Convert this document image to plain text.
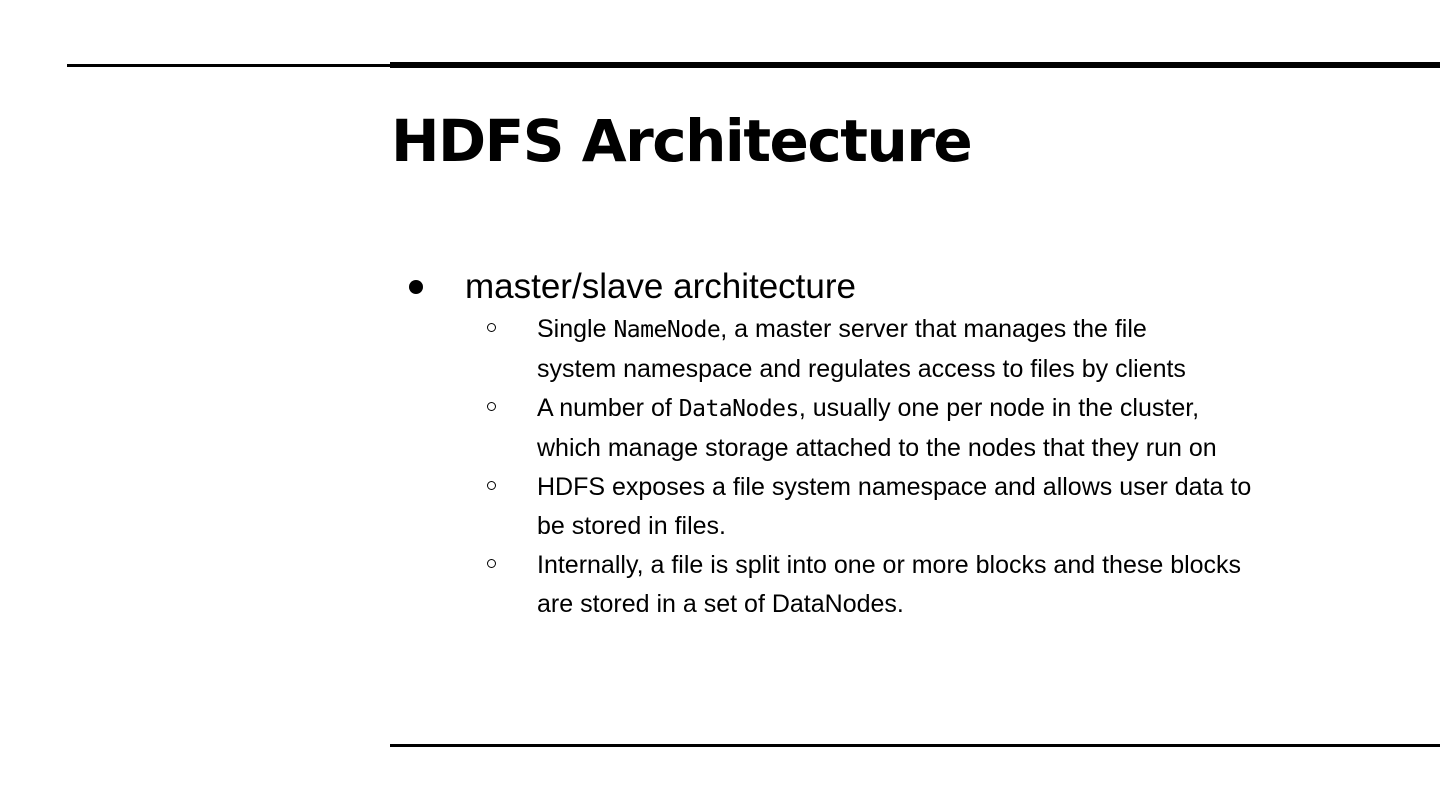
HDFS Architecture
master/slave architecture
Single NameNode, a master server that manages the file
system namespace and regulates access to files by clients
A number of DataNodes, usually one per node in the cluster,
which manage storage attached to the nodes that they run on
HDFS exposes a file system namespace and allows user data to
be stored in files.
Internally, a file is split into one or more blocks and these blocks
are stored in a set of DataNodes.
